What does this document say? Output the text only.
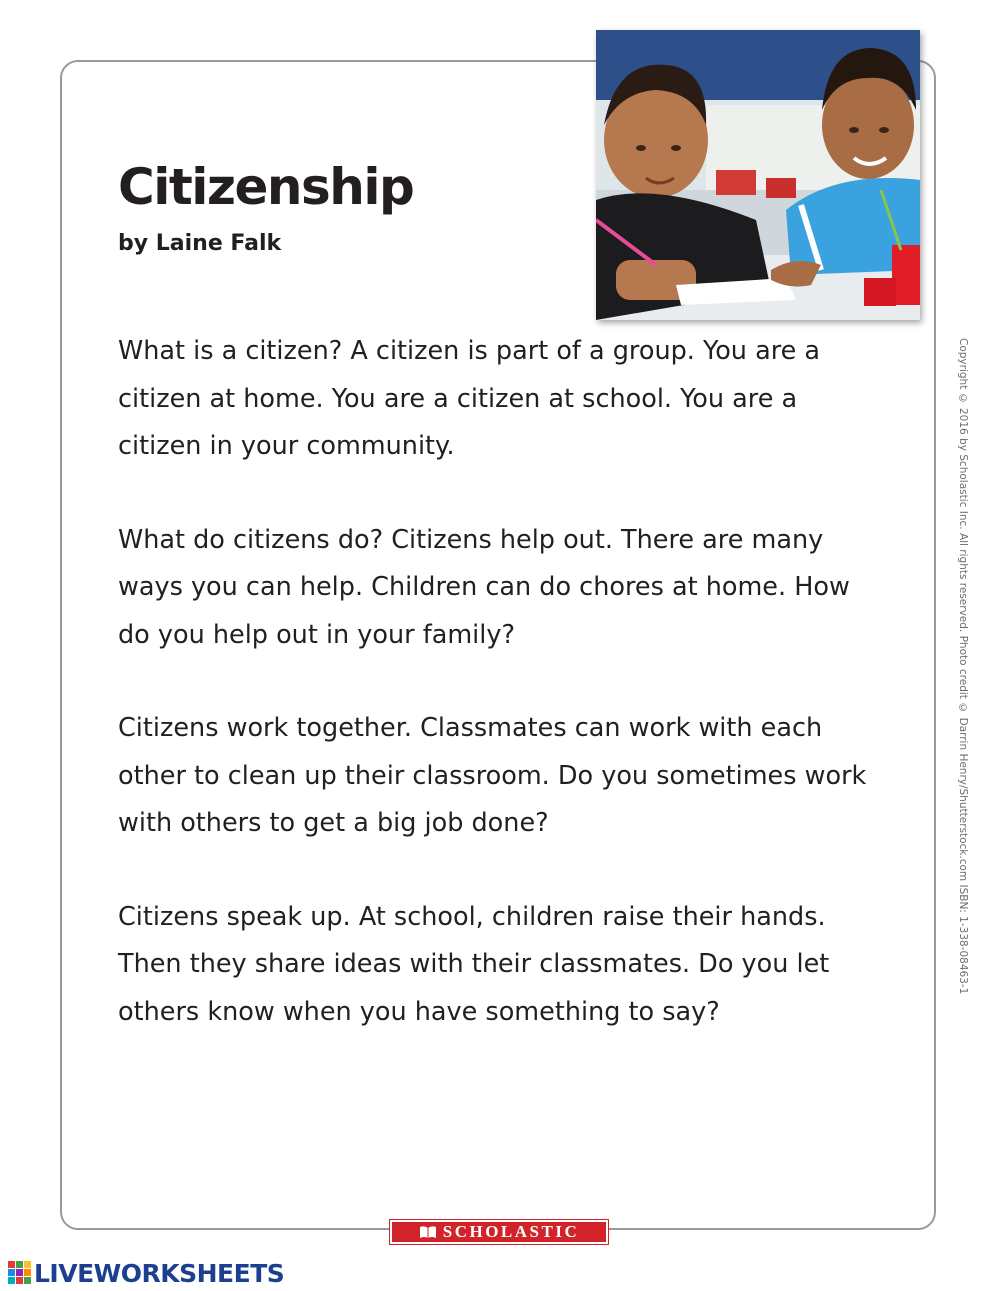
Citizenship

by Laine Falk

What is a citizen? A citizen is part of a group. You are a citizen at home. You are a citizen at school. You are a citizen in your community.

What do citizens do? Citizens help out. There are many ways you can help. Children can do chores at home. How do you help out in your family?

Citizens work together. Classmates can work with each other to clean up their classroom. Do you sometimes work with others to get a big job done?

Citizens speak up. At school, children raise their hands. Then they share ideas with their classmates. Do you let others know when you have something to say?

Copyright © 2016 by Scholastic Inc. All rights reserved. Photo credit © Darrin Henry/Shutterstock.com ISBN: 1-338-08463-1
SCHOLASTIC
LIVEWORKSHEETS
